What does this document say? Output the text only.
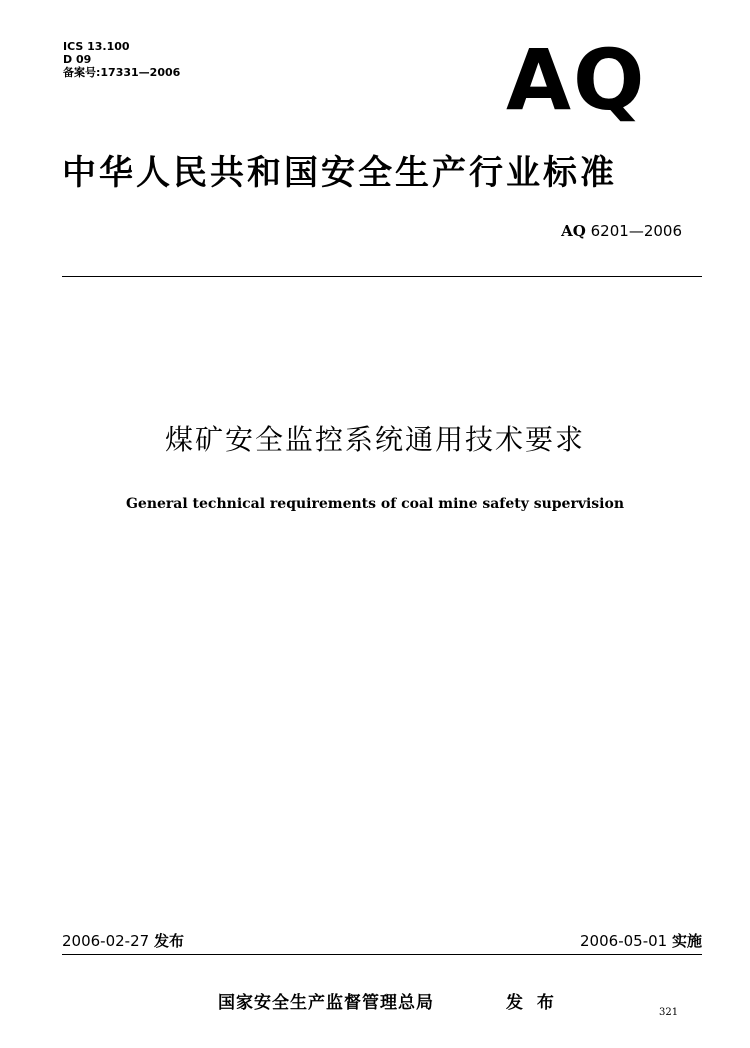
ICS 13.100
D 09
备案号:17331—2006	AQ
中华人民共和国安全生产行业标准
AQ 6201—2006
煤矿安全监控系统通用技术要求
General technical requirements of coal mine safety supervision
2006-02-27 发布	2006-05-01 实施
国家安全生产监督管理总局	发 布	321
